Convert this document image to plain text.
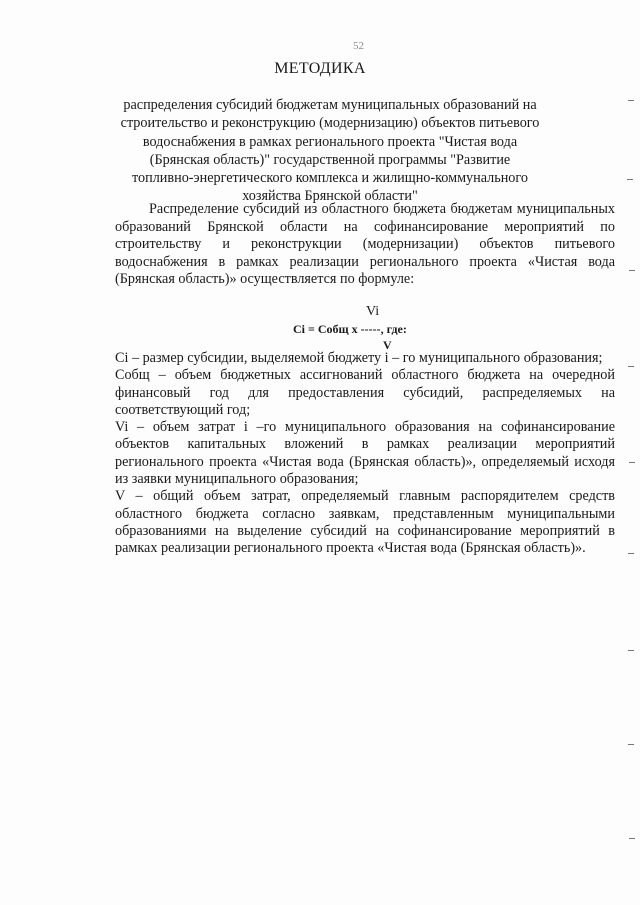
52
МЕТОДИКА
распределения субсидий бюджетам муниципальных образований на строительство и реконструкцию (модернизацию) объектов питьевого водоснабжения в рамках регионального проекта "Чистая вода (Брянская область)" государственной программы "Развитие топливно-энергетического комплекса и жилищно-коммунального хозяйства Брянской области"
Распределение субсидий из областного бюджета бюджетам муниципальных образований Брянской области на софинансирование мероприятий по строительству и реконструкции (модернизации) объектов питьевого водоснабжения в рамках реализации регионального проекта «Чистая вода (Брянская область)» осуществляется по формуле:
Vi
Ci = Cобщ x -----, где:
V

Ci – размер субсидии, выделяемой бюджету i – го муниципального образования;

Cобщ – объем бюджетных ассигнований областного бюджета на очередной финансовый год для предоставления субсидий, распределяемых на соответствующий год;

Vi – объем затрат i –го муниципального образования на софинансирование объектов капитальных вложений в рамках реализации мероприятий регионального проекта «Чистая вода (Брянская область)», определяемый исходя из заявки муниципального образования;

V – общий объем затрат, определяемый главным распорядителем средств областного бюджета согласно заявкам, представленным муниципальными образованиями на выделение субсидий на софинансирование мероприятий в рамках реализации регионального проекта «Чистая вода (Брянская область)».
